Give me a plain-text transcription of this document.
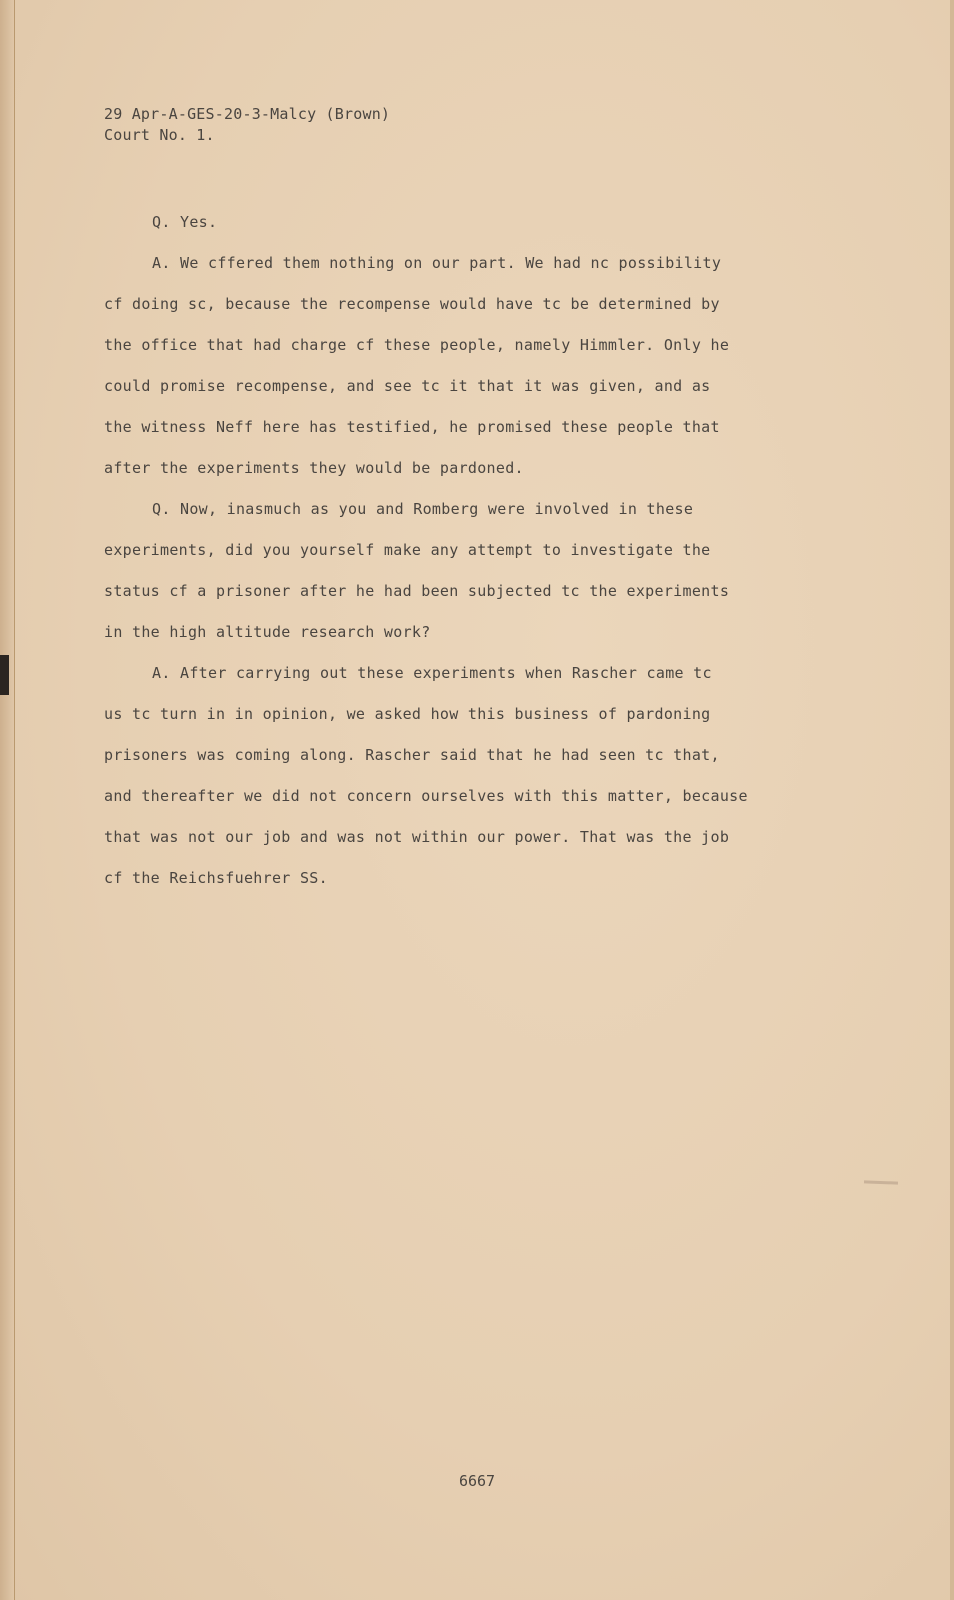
29 Apr-A-GES-20-3-Malcy (Brown)
Court No. 1.
Q. Yes.
A. We cffered them nothing on our part. We had nc possibility
cf doing sc, because the recompense would have tc be determined by
the office that had charge cf these people, namely Himmler. Only he
could promise recompense, and see tc it that it was given, and as
the witness Neff here has testified, he promised these people that
after the experiments they would be pardoned.
Q. Now, inasmuch as you and Romberg were involved in these
experiments, did you yourself make any attempt to investigate the
status cf a prisoner after he had been subjected tc the experiments
in the high altitude research work?
A. After carrying out these experiments when Rascher came tc
us tc turn in in opinion, we asked how this business of pardoning
prisoners was coming along. Rascher said that he had seen tc that,
and thereafter we did not concern ourselves with this matter, because
that was not our job and was not within our power. That was the job
cf the Reichsfuehrer SS.
6667
